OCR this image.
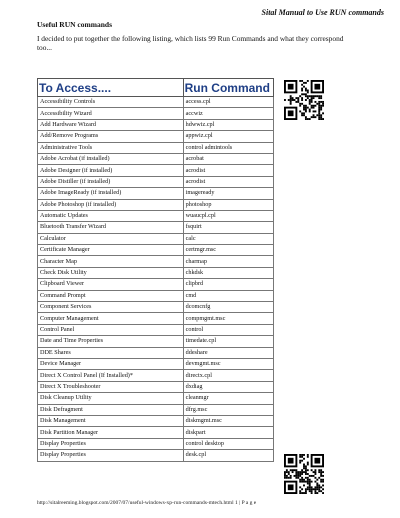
Sital Manual to Use RUN commands
Useful RUN commands
I decided to put together the following listing, which lists 99 Run Commands and what they correspond too...
To Access....	Run Command
Accessibility Controls	access.cpl
Accessibility Wizard	accwiz
Add Hardware Wizard	hdwwiz.cpl
Add/Remove Programs	appwiz.cpl
Administrative Tools	control admintools
Adobe Acrobat (if installed)	acrobat
Adobe Designer (if installed)	acrodist
Adobe Distiller (if installed)	acrodist
Adobe ImageReady (if installed)	imageready
Adobe Photoshop (if installed)	photoshop
Automatic Updates	wuaucpl.cpl
Bluetooth Transfer Wizard	fsquirt
Calculator	calc
Certificate Manager	certmgr.msc
Character Map	charmap
Check Disk Utility	chkdsk
Clipboard Viewer	clipbrd
Command Prompt	cmd
Component Services	dcomcnfg
Computer Management	compmgmt.msc
Control Panel	control
Date and Time Properties	timedate.cpl
DDE Shares	ddeshare
Device Manager	devmgmt.msc
Direct X Control Panel (If Installed)*	directx.cpl
Direct X Troubleshooter	dxdiag
Disk Cleanup Utility	cleanmgr
Disk Defragment	dfrg.msc
Disk Management	diskmgmt.msc
Disk Partition Manager	diskpart
Display Properties	control desktop
Display Properties	desk.cpl
http://sitalreeming.blogspot.com/2007/07/useful-windows-xp-run-commands-mtech.html 1 | P a g e
